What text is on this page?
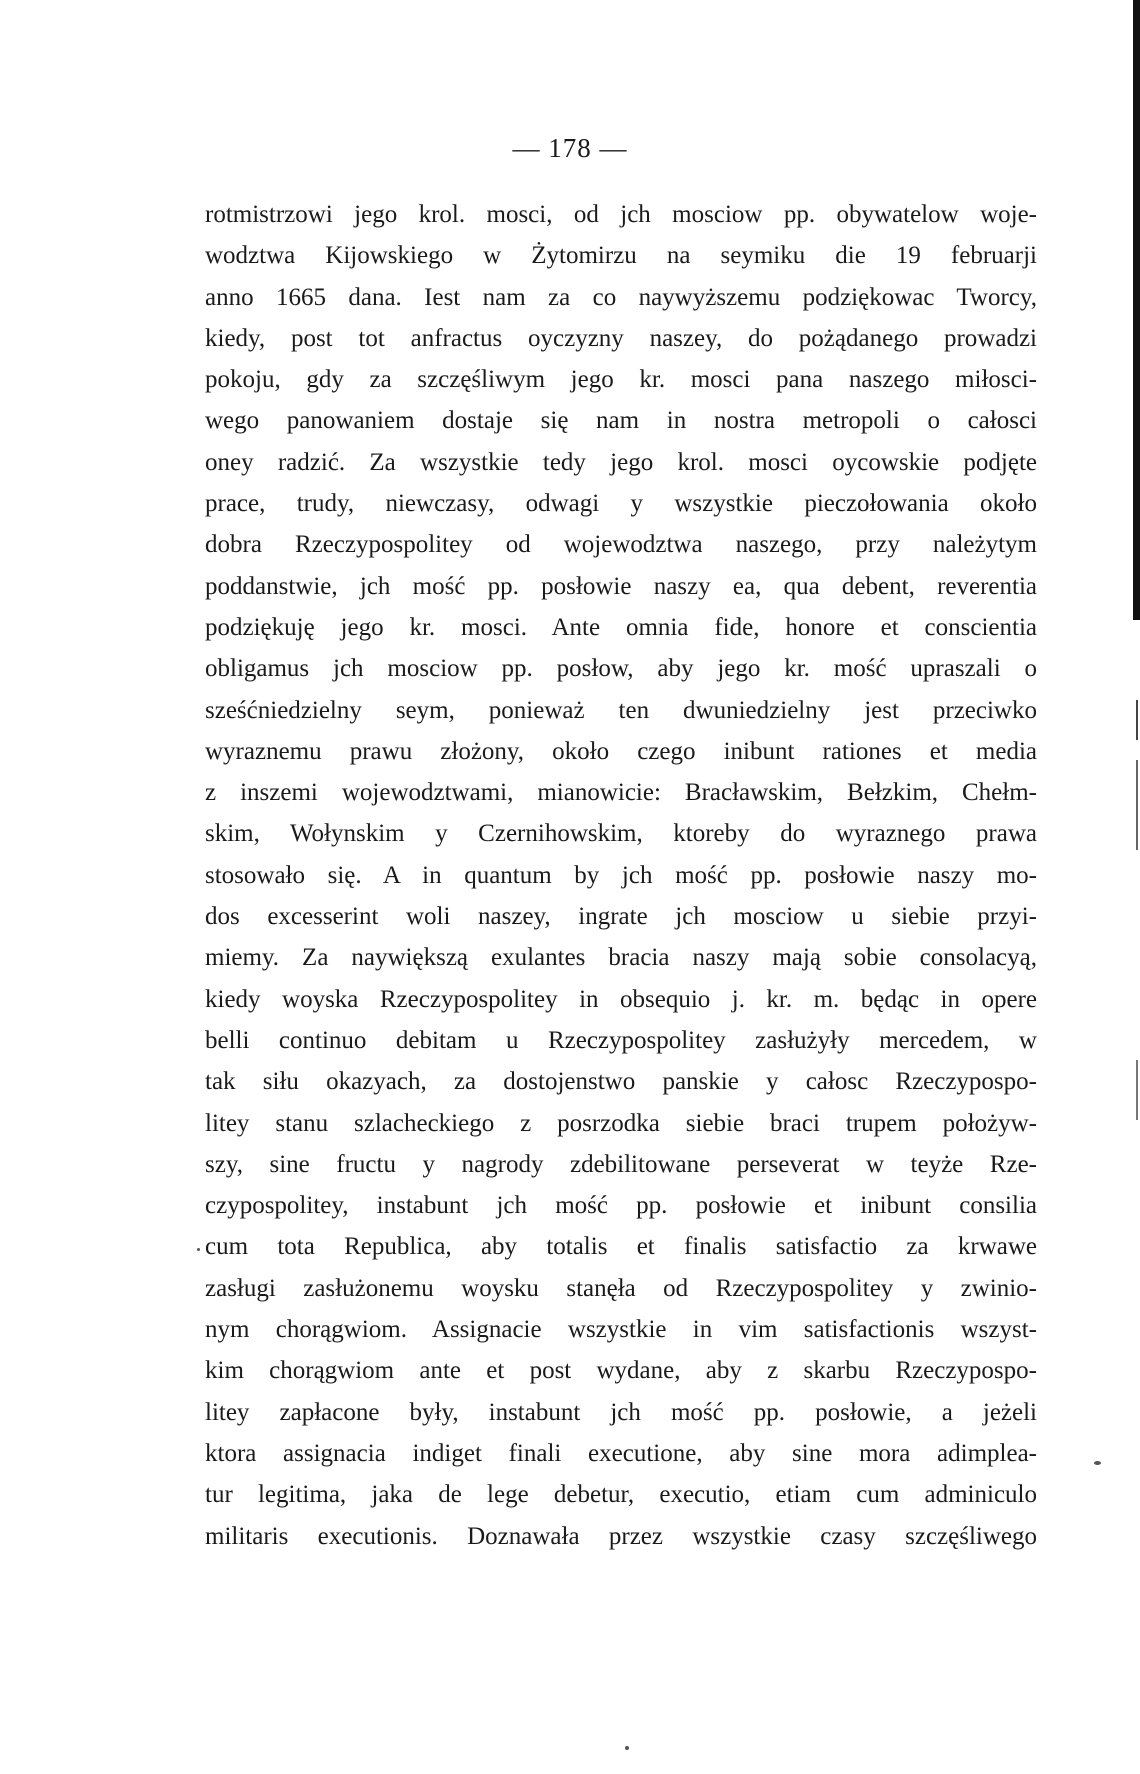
— 178 —
rotmistrzowi jego krol. mosci, od jch mosciow pp. obywatelow woje-
wodztwa Kijowskiego w Żytomirzu na seymiku die 19 februarji
anno 1665 dana. Iest nam za co naywyższemu podziękowac Tworcy,
kiedy, post tot anfractus oyczyzny naszey, do pożądanego prowadzi
pokoju, gdy za szczęśliwym jego kr. mosci pana naszego miłosci-
wego panowaniem dostaje się nam in nostra metropoli o całosci
oney radzić. Za wszystkie tedy jego krol. mosci oycowskie podjęte
prace, trudy, niewczasy, odwagi y wszystkie pieczołowania około
dobra Rzeczypospolitey od wojewodztwa naszego, przy należytym
poddanstwie, jch mość pp. posłowie naszy ea, qua debent, reverentia
podziękuję jego kr. mosci. Ante omnia fide, honore et conscientia
obligamus jch mosciow pp. posłow, aby jego kr. mość upraszali o
sześćniedzielny seym, ponieważ ten dwuniedzielny jest przeciwko
wyraznemu prawu złożony, około czego inibunt rationes et media
z inszemi wojewodztwami, mianowicie: Bracławskim, Bełzkim, Chełm-
skim, Wołynskim y Czernihowskim, ktoreby do wyraznego prawa
stosowało się. A in quantum by jch mość pp. posłowie naszy mo-
dos excesserint woli naszey, ingrate jch mosciow u siebie przyi-
miemy. Za naywiększą exulantes bracia naszy mają sobie consolacyą,
kiedy woyska Rzeczypospolitey in obsequio j. kr. m. będąc in opere
belli continuo debitam u Rzeczypospolitey zasłużyły mercedem, w
tak siłu okazyach, za dostojenstwo panskie y całosc Rzeczypospo-
litey stanu szlacheckiego z posrzodka siebie braci trupem położyw-
szy, sine fructu y nagrody zdebilitowane perseverat w teyże Rze-
czypospolitey, instabunt jch mość pp. posłowie et inibunt consilia
cum tota Republica, aby totalis et finalis satisfactio za krwawe
zasługi zasłużonemu woysku stanęła od Rzeczypospolitey y zwinio-
nym chorągwiom. Assignacie wszystkie in vim satisfactionis wszyst-
kim chorągwiom ante et post wydane, aby z skarbu Rzeczypospo-
litey zapłacone były, instabunt jch mość pp. posłowie, a jeżeli
ktora assignacia indiget finali executione, aby sine mora adimplea-
tur legitima, jaka de lege debetur, executio, etiam cum adminiculo
militaris executionis. Doznawała przez wszystkie czasy szczęśliwego
